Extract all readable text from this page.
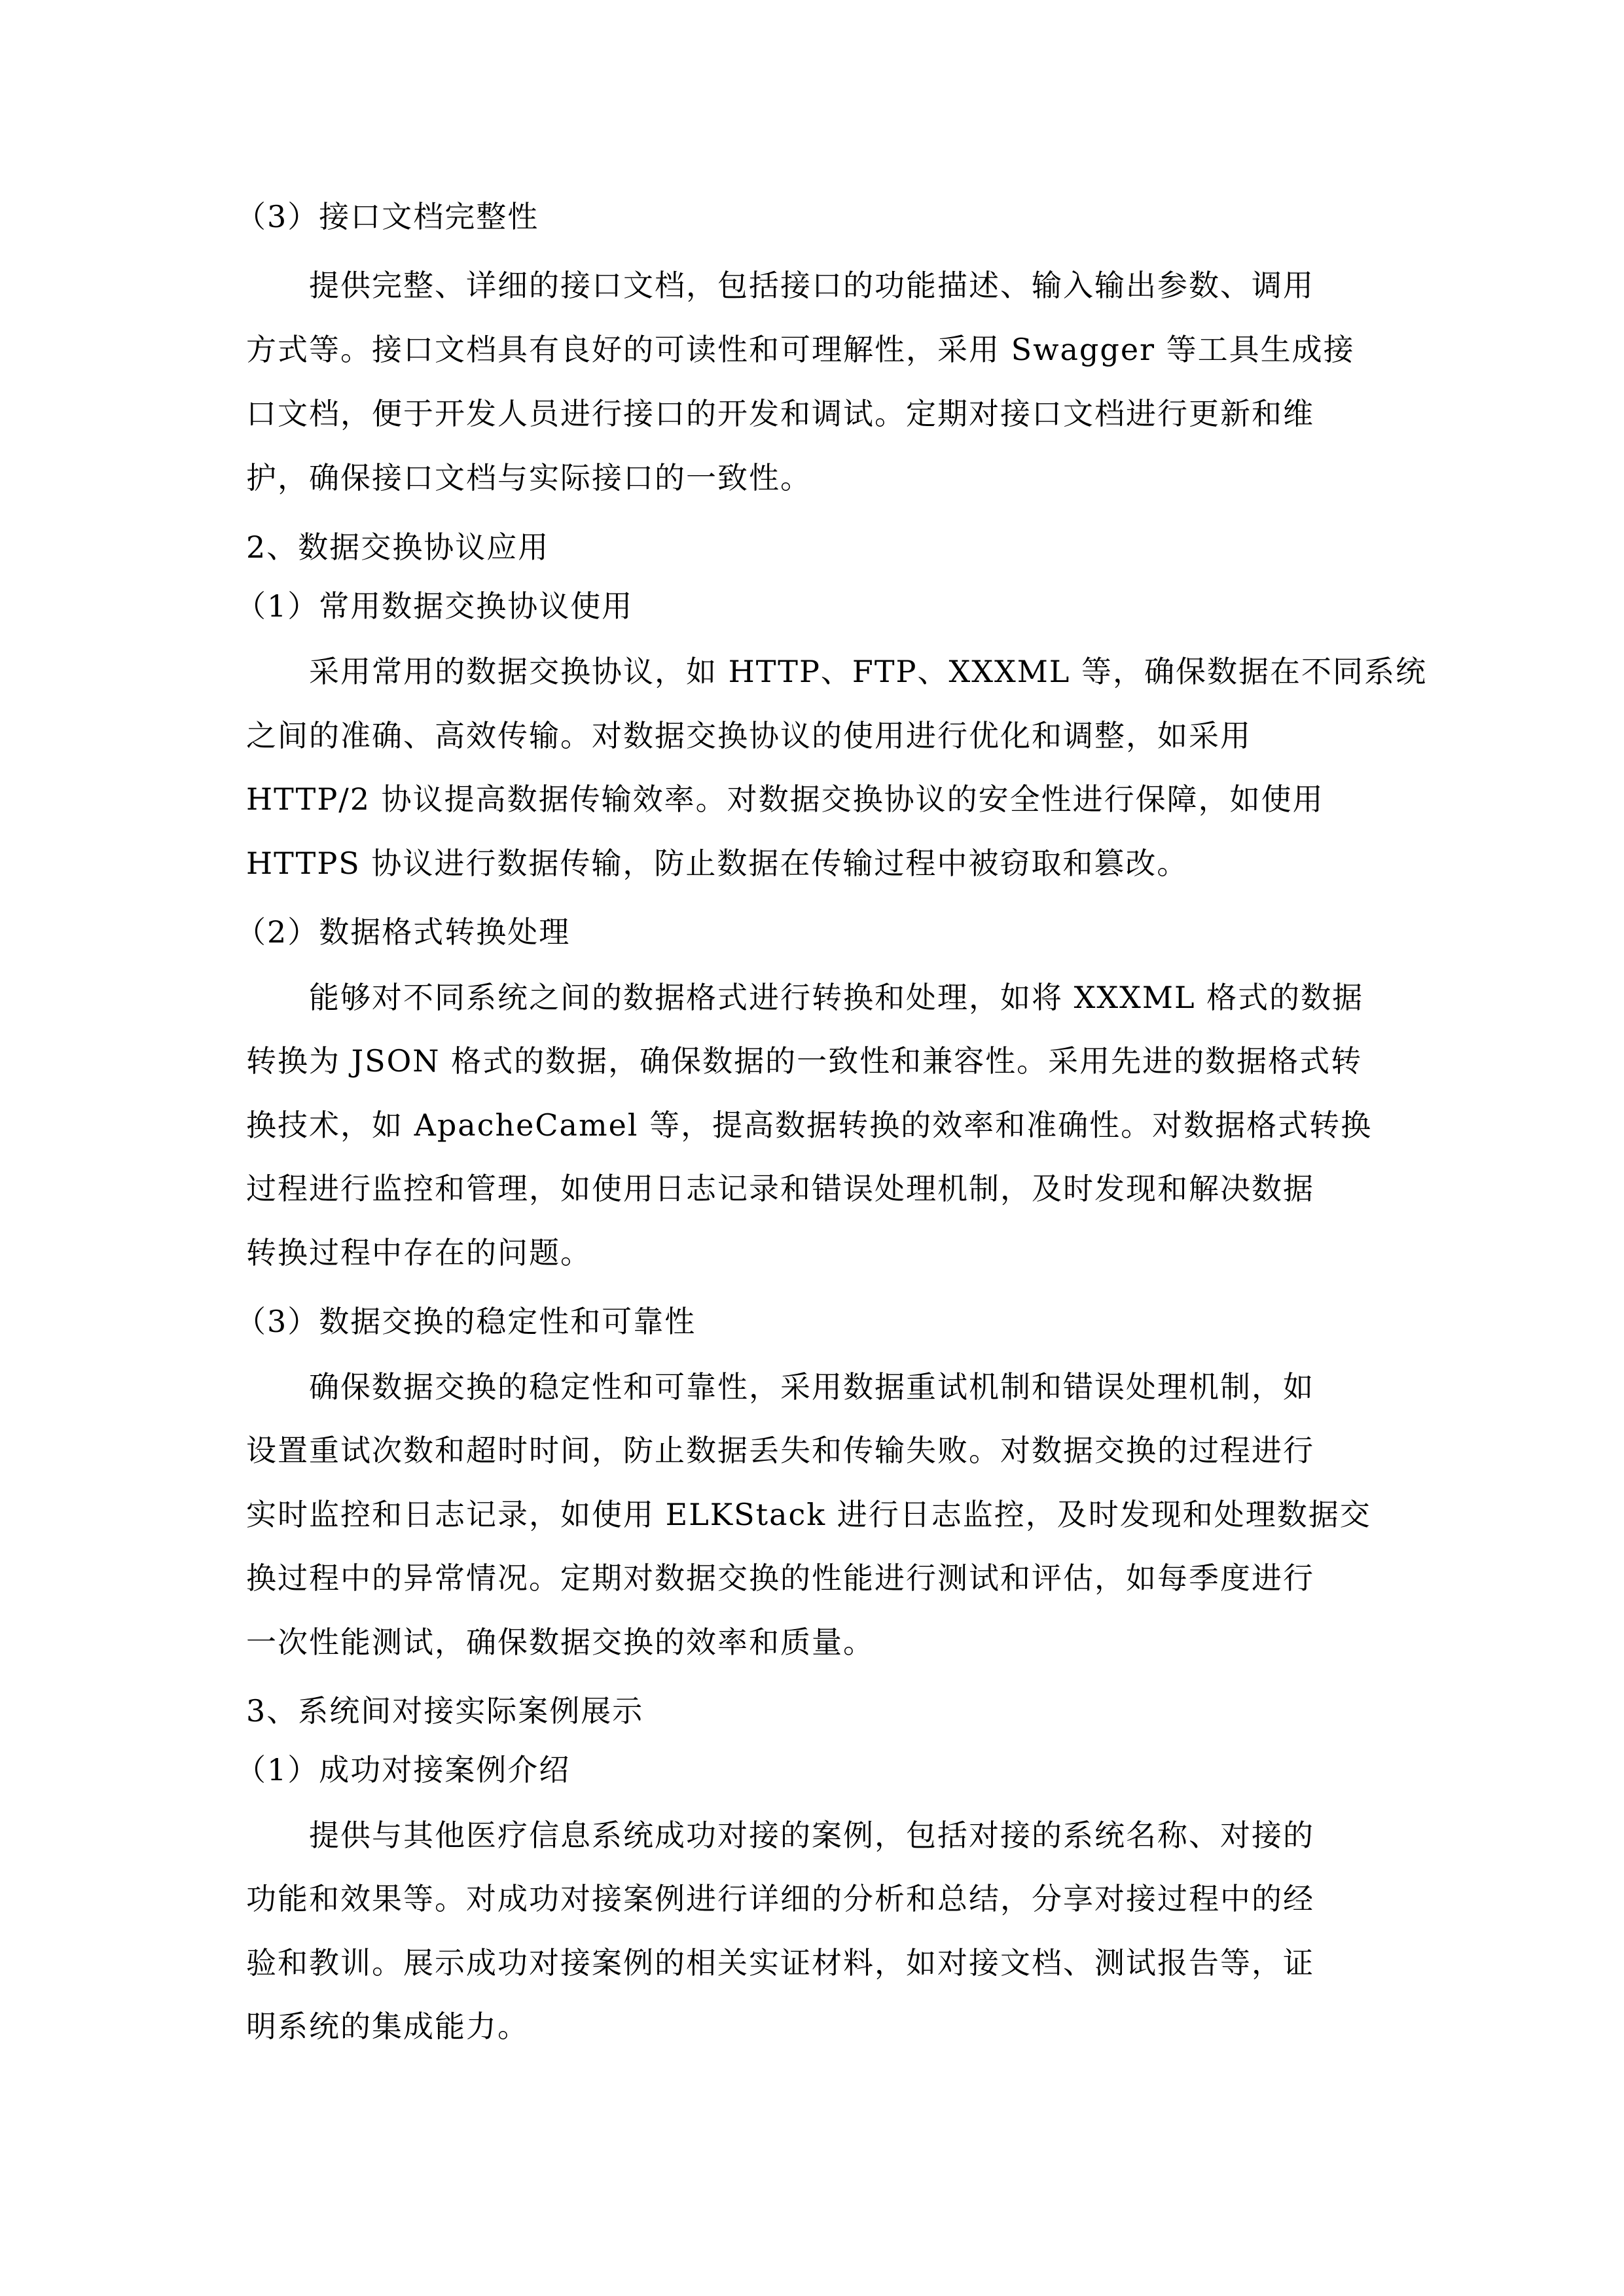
（3）接口文档完整性
提供完整、详细的接口文档，包括接口的功能描述、输入输出参数、调用
方式等。接口文档具有良好的可读性和可理解性，采用 Swagger 等工具生成接
口文档，便于开发人员进行接口的开发和调试。定期对接口文档进行更新和维
护，确保接口文档与实际接口的一致性。
2、数据交换协议应用
（1）常用数据交换协议使用
采用常用的数据交换协议，如 HTTP、FTP、XXXML 等，确保数据在不同系统
之间的准确、高效传输。对数据交换协议的使用进行优化和调整，如采用
HTTP/2 协议提高数据传输效率。对数据交换协议的安全性进行保障，如使用
HTTPS 协议进行数据传输，防止数据在传输过程中被窃取和篡改。
（2）数据格式转换处理
能够对不同系统之间的数据格式进行转换和处理，如将 XXXML 格式的数据
转换为 JSON 格式的数据，确保数据的一致性和兼容性。采用先进的数据格式转
换技术，如 ApacheCamel 等，提高数据转换的效率和准确性。对数据格式转换
过程进行监控和管理，如使用日志记录和错误处理机制，及时发现和解决数据
转换过程中存在的问题。
（3）数据交换的稳定性和可靠性
确保数据交换的稳定性和可靠性，采用数据重试机制和错误处理机制，如
设置重试次数和超时时间，防止数据丢失和传输失败。对数据交换的过程进行
实时监控和日志记录，如使用 ELKStack 进行日志监控，及时发现和处理数据交
换过程中的异常情况。定期对数据交换的性能进行测试和评估，如每季度进行
一次性能测试，确保数据交换的效率和质量。
3、系统间对接实际案例展示
（1）成功对接案例介绍
提供与其他医疗信息系统成功对接的案例，包括对接的系统名称、对接的
功能和效果等。对成功对接案例进行详细的分析和总结，分享对接过程中的经
验和教训。展示成功对接案例的相关实证材料，如对接文档、测试报告等，证
明系统的集成能力。
